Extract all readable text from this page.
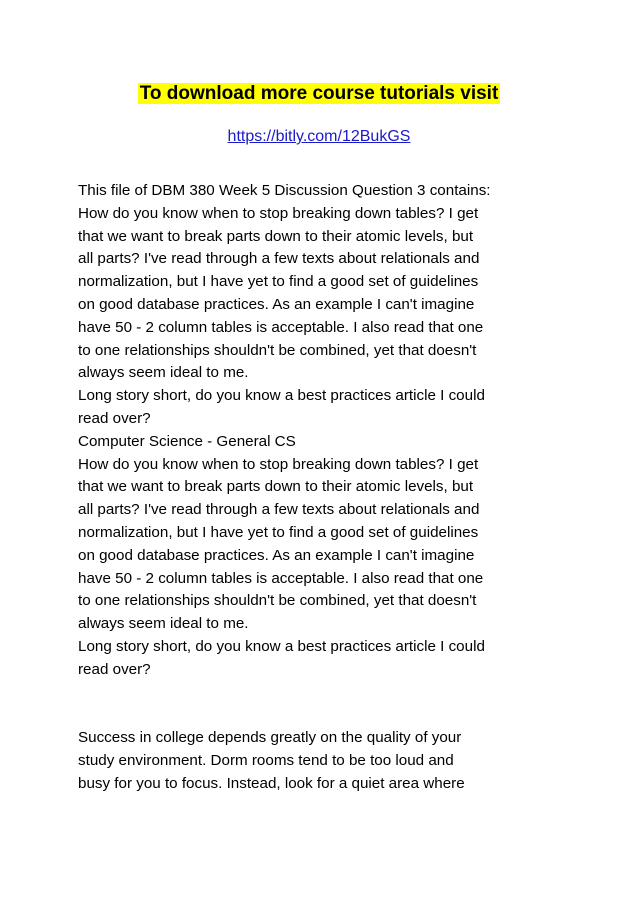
To download more course tutorials visit
https://bitly.com/12BukGS
This file of DBM 380 Week 5 Discussion Question 3 contains:
How do you know when to stop breaking down tables? I get
that we want to break parts down to their atomic levels, but
all parts? I've read through a few texts about relationals and
normalization, but I have yet to find a good set of guidelines
on good database practices. As an example I can't imagine
have 50 - 2 column tables is acceptable. I also read that one
to one relationships shouldn't be combined, yet that doesn't
always seem ideal to me.
Long story short, do you know a best practices article I could
read over?
Computer Science - General CS
How do you know when to stop breaking down tables? I get
that we want to break parts down to their atomic levels, but
all parts? I've read through a few texts about relationals and
normalization, but I have yet to find a good set of guidelines
on good database practices. As an example I can't imagine
have 50 - 2 column tables is acceptable. I also read that one
to one relationships shouldn't be combined, yet that doesn't
always seem ideal to me.
Long story short, do you know a best practices article I could
read over?
Success in college depends greatly on the quality of your
study environment. Dorm rooms tend to be too loud and
busy for you to focus. Instead, look for a quiet area where
